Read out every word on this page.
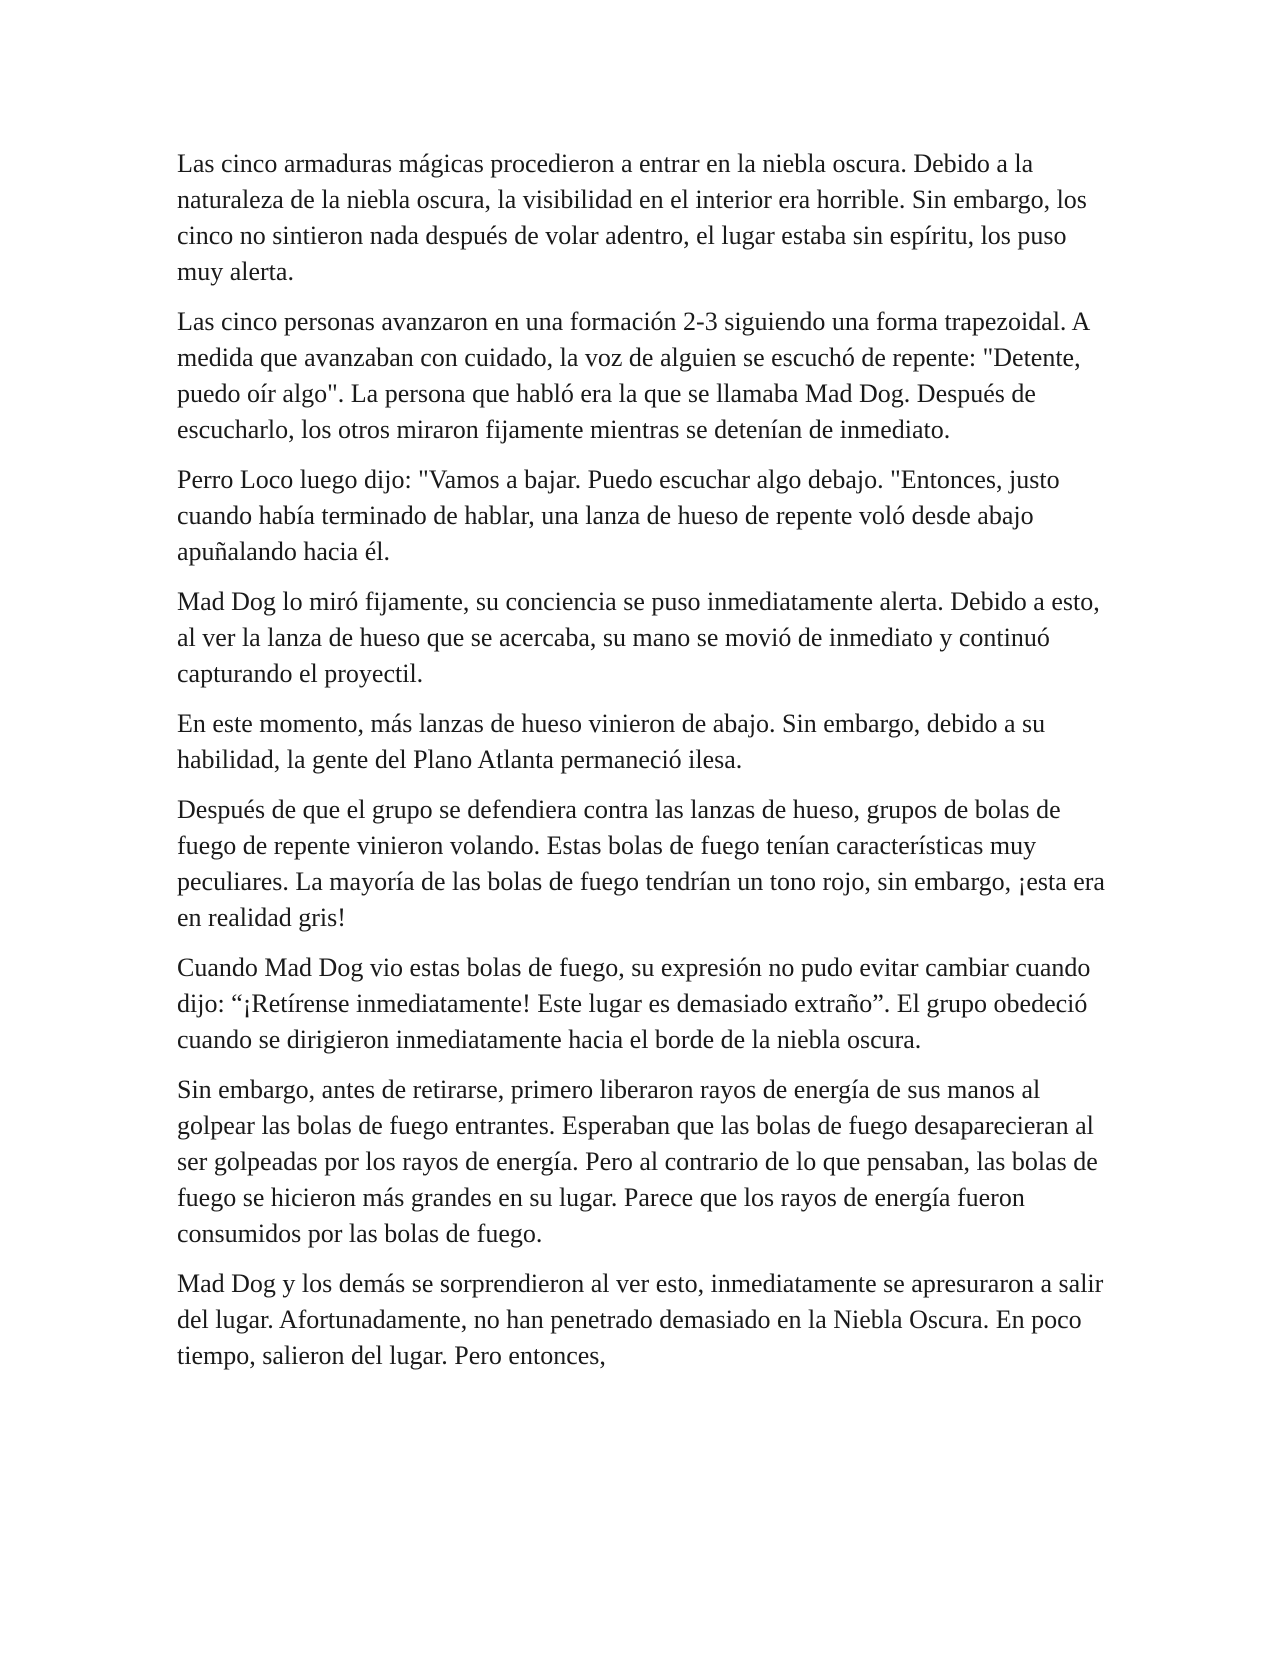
Las cinco armaduras mágicas procedieron a entrar en la niebla oscura. Debido a la naturaleza de la niebla oscura, la visibilidad en el interior era horrible. Sin embargo, los cinco no sintieron nada después de volar adentro, el lugar estaba sin espíritu, los puso muy alerta.

Las cinco personas avanzaron en una formación 2-3 siguiendo una forma trapezoidal. A medida que avanzaban con cuidado, la voz de alguien se escuchó de repente: "Detente, puedo oír algo". La persona que habló era la que se llamaba Mad Dog. Después de escucharlo, los otros miraron fijamente mientras se detenían de inmediato.

Perro Loco luego dijo: "Vamos a bajar. Puedo escuchar algo debajo. "Entonces, justo cuando había terminado de hablar, una lanza de hueso de repente voló desde abajo apuñalando hacia él.

Mad Dog lo miró fijamente, su conciencia se puso inmediatamente alerta. Debido a esto, al ver la lanza de hueso que se acercaba, su mano se movió de inmediato y continuó capturando el proyectil.

En este momento, más lanzas de hueso vinieron de abajo. Sin embargo, debido a su habilidad, la gente del Plano Atlanta permaneció ilesa.

Después de que el grupo se defendiera contra las lanzas de hueso, grupos de bolas de fuego de repente vinieron volando. Estas bolas de fuego tenían características muy peculiares. La mayoría de las bolas de fuego tendrían un tono rojo, sin embargo, ¡esta era en realidad gris!

Cuando Mad Dog vio estas bolas de fuego, su expresión no pudo evitar cambiar cuando dijo: “¡Retírense inmediatamente! Este lugar es demasiado extraño”. El grupo obedeció cuando se dirigieron inmediatamente hacia el borde de la niebla oscura.

Sin embargo, antes de retirarse, primero liberaron rayos de energía de sus manos al golpear las bolas de fuego entrantes. Esperaban que las bolas de fuego desaparecieran al ser golpeadas por los rayos de energía. Pero al contrario de lo que pensaban, las bolas de fuego se hicieron más grandes en su lugar. Parece que los rayos de energía fueron consumidos por las bolas de fuego.

Mad Dog y los demás se sorprendieron al ver esto, inmediatamente se apresuraron a salir del lugar. Afortunadamente, no han penetrado demasiado en la Niebla Oscura. En poco tiempo, salieron del lugar. Pero entonces,
